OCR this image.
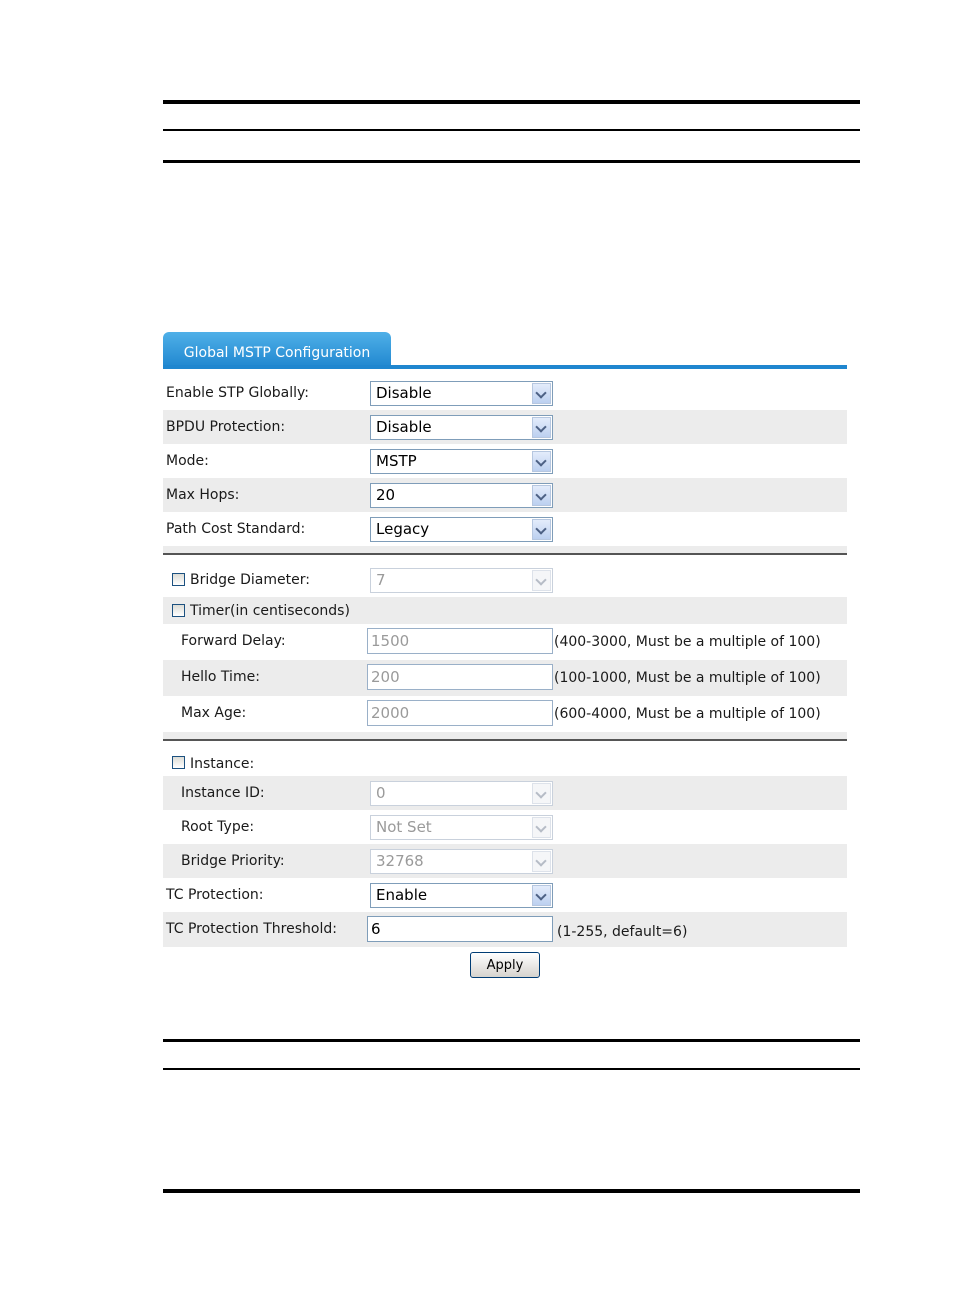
Global MSTP Configuration
Enable STP Globally:	Disable
BPDU Protection:	Disable
Mode:	MSTP
Max Hops:	20
Path Cost Standard:	Legacy
Bridge Diameter:	7
Timer(in centiseconds)
Forward Delay:
1500	(400-3000, Must be a multiple of 100)
Hello Time:
200	(100-1000, Must be a multiple of 100)
Max Age:
2000	(600-4000, Must be a multiple of 100)
Instance:
Instance ID:	0
Root Type:	Not Set
Bridge Priority:	32768
TC Protection:	Enable
TC Protection Threshold:
6	(1-255, default=6)
Apply
